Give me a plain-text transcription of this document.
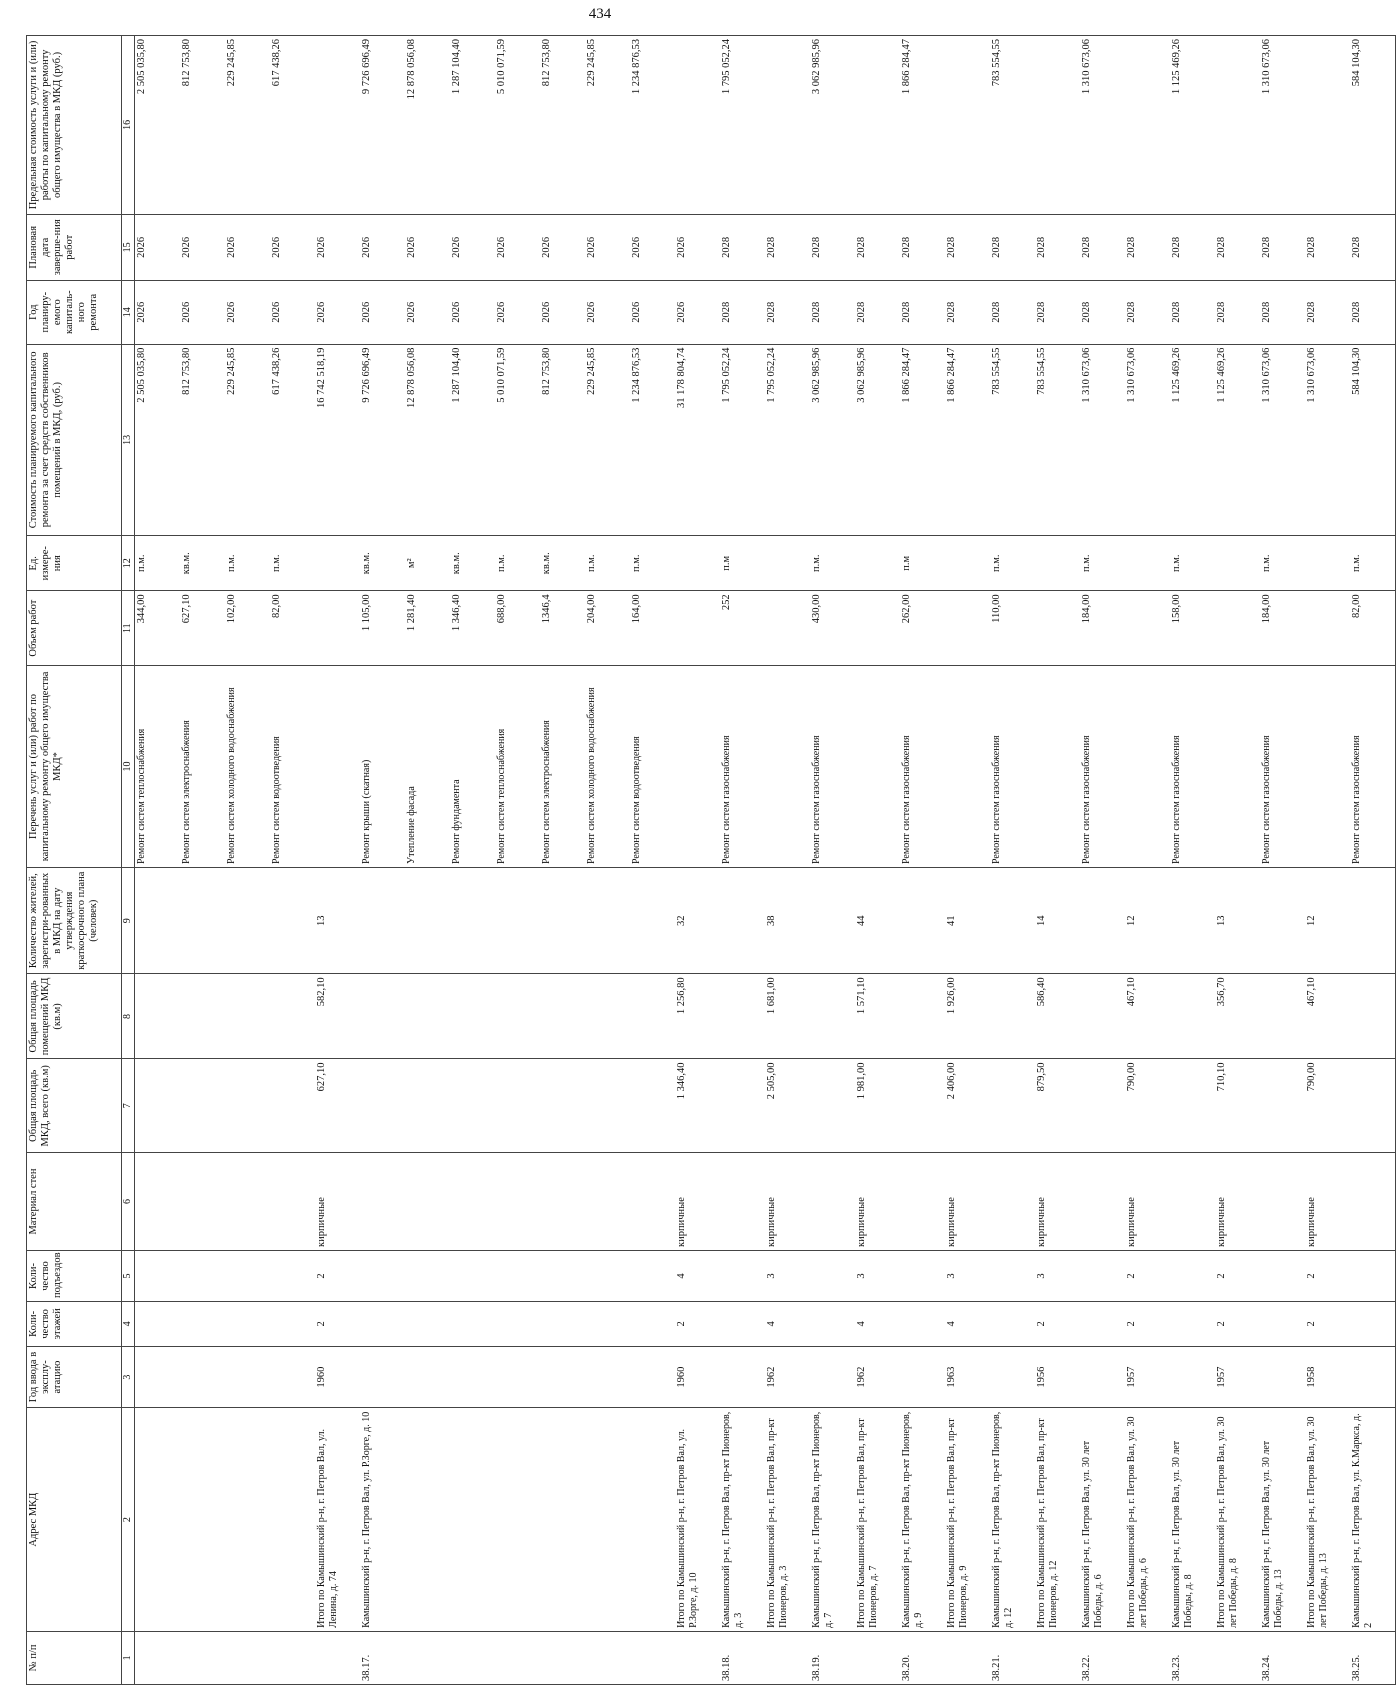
434
№ п/п	Адрес МКД	Год ввода в эксплу-атацию	Коли-чество этажей	Коли-чество подъездов	Материал стен	Общая площадь МКД, всего (кв.м)	Общая площадь помещений МКД (кв.м)	Количество жителей, зарегистри-рованных в МКД на дату утверждения краткосрочного плана (человек)	Перечень услуг и (или) работ по капитальному ремонту общего имущества МКД*	Объем работ	Ед. измере-ния	Стоимость планируемого капитального ремонта за счет средств собственников помещений в МКД, (руб.)	Год планиру-емого капиталь-ного ремонта	Плановая дата заверше-ния работ	Предельная стоимость услуги и (или) работы по капитальному ремонту общего имущества в МКД (руб.)
1	2	3	4	5	6	7	8	9	10	11	12	13	14	15	16
									Ремонт систем теплоснабжения	344,00	п.м.	2 505 035,80	2026	2026	2 505 035,80
									Ремонт систем электроснабжения	627,10	кв.м.	812 753,80	2026	2026	812 753,80
									Ремонт систем холодного водоснабжения	102,00	п.м.	229 245,85	2026	2026	229 245,85
									Ремонт систем водоотведения	82,00	п.м.	617 438,26	2026	2026	617 438,26
	Итого по Камышинский р-н, г. Петров Вал, ул. Ленина, д. 74	1960	2	2	кирпичные	627,10	582,10	13				16 742 518,19	2026	2026	
38.17.	Камышинский р-н, г. Петров Вал, ул. Р.Зорге, д. 10								Ремонт крыши (скатная)	1 105,00	кв.м.	9 726 696,49	2026	2026	9 726 696,49
									Утепление фасада	1 281,40	м²	12 878 056,08	2026	2026	12 878 056,08
									Ремонт фундамента	1 346,40	кв.м.	1 287 104,40	2026	2026	1 287 104,40
									Ремонт систем теплоснабжения	688,00	п.м.	5 010 071,59	2026	2026	5 010 071,59
									Ремонт систем электроснабжения	1346,4	кв.м.	812 753,80	2026	2026	812 753,80
									Ремонт систем холодного водоснабжения	204,00	п.м.	229 245,85	2026	2026	229 245,85
									Ремонт систем водоотведения	164,00	п.м.	1 234 876,53	2026	2026	1 234 876,53
	Итого по Камышинский р-н, г. Петров Вал, ул. Р.Зорге, д. 10	1960	2	4	кирпичные	1 346,40	1 256,80	32				31 178 804,74	2026	2026	
38.18.	Камышинский р-н, г. Петров Вал, пр-кт Пионеров, д. 3								Ремонт систем газоснабжения	252	п.м	1 795 052,24	2028	2028	1 795 052,24
	Итого по Камышинский р-н, г. Петров Вал, пр-кт Пионеров, д. 3	1962	4	3	кирпичные	2 505,00	1 681,00	38				1 795 052,24	2028	2028	
38.19.	Камышинский р-н, г. Петров Вал, пр-кт Пионеров, д. 7								Ремонт систем газоснабжения	430,00	п.м.	3 062 985,96	2028	2028	3 062 985,96
	Итого по Камышинский р-н, г. Петров Вал, пр-кт Пионеров, д. 7	1962	4	3	кирпичные	1 981,00	1 571,10	44				3 062 985,96	2028	2028	
38.20.	Камышинский р-н, г. Петров Вал, пр-кт Пионеров, д. 9								Ремонт систем газоснабжения	262,00	п.м	1 866 284,47	2028	2028	1 866 284,47
	Итого по Камышинский р-н, г. Петров Вал, пр-кт Пионеров, д. 9	1963	4	3	кирпичные	2 406,00	1 926,00	41				1 866 284,47	2028	2028	
38.21.	Камышинский р-н, г. Петров Вал, пр-кт Пионеров, д. 12								Ремонт систем газоснабжения	110,00	п.м.	783 554,55	2028	2028	783 554,55
	Итого по Камышинский р-н, г. Петров Вал, пр-кт Пионеров, д. 12	1956	2	3	кирпичные	879,50	586,40	14				783 554,55	2028	2028	
38.22.	Камышинский р-н, г. Петров Вал, ул. 30 лет Победы, д. 6								Ремонт систем газоснабжения	184,00	п.м.	1 310 673,06	2028	2028	1 310 673,06
	Итого по Камышинский р-н, г. Петров Вал, ул. 30 лет Победы, д. 6	1957	2	2	кирпичные	790,00	467,10	12				1 310 673,06	2028	2028	
38.23.	Камышинский р-н, г. Петров Вал, ул. 30 лет Победы, д. 8								Ремонт систем газоснабжения	158,00	п.м.	1 125 469,26	2028	2028	1 125 469,26
	Итого по Камышинский р-н, г. Петров Вал, ул. 30 лет Победы, д. 8	1957	2	2	кирпичные	710,10	356,70	13				1 125 469,26	2028	2028	
38.24.	Камышинский р-н, г. Петров Вал, ул. 30 лет Победы, д. 13								Ремонт систем газоснабжения	184,00	п.м.	1 310 673,06	2028	2028	1 310 673,06
	Итого по Камышинский р-н, г. Петров Вал, ул. 30 лет Победы, д. 13	1958	2	2	кирпичные	790,00	467,10	12				1 310 673,06	2028	2028	
38.25.	Камышинский р-н, г. Петров Вал, ул. К.Маркса, д. 2								Ремонт систем газоснабжения	82,00	п.м.	584 104,30	2028	2028	584 104,30
